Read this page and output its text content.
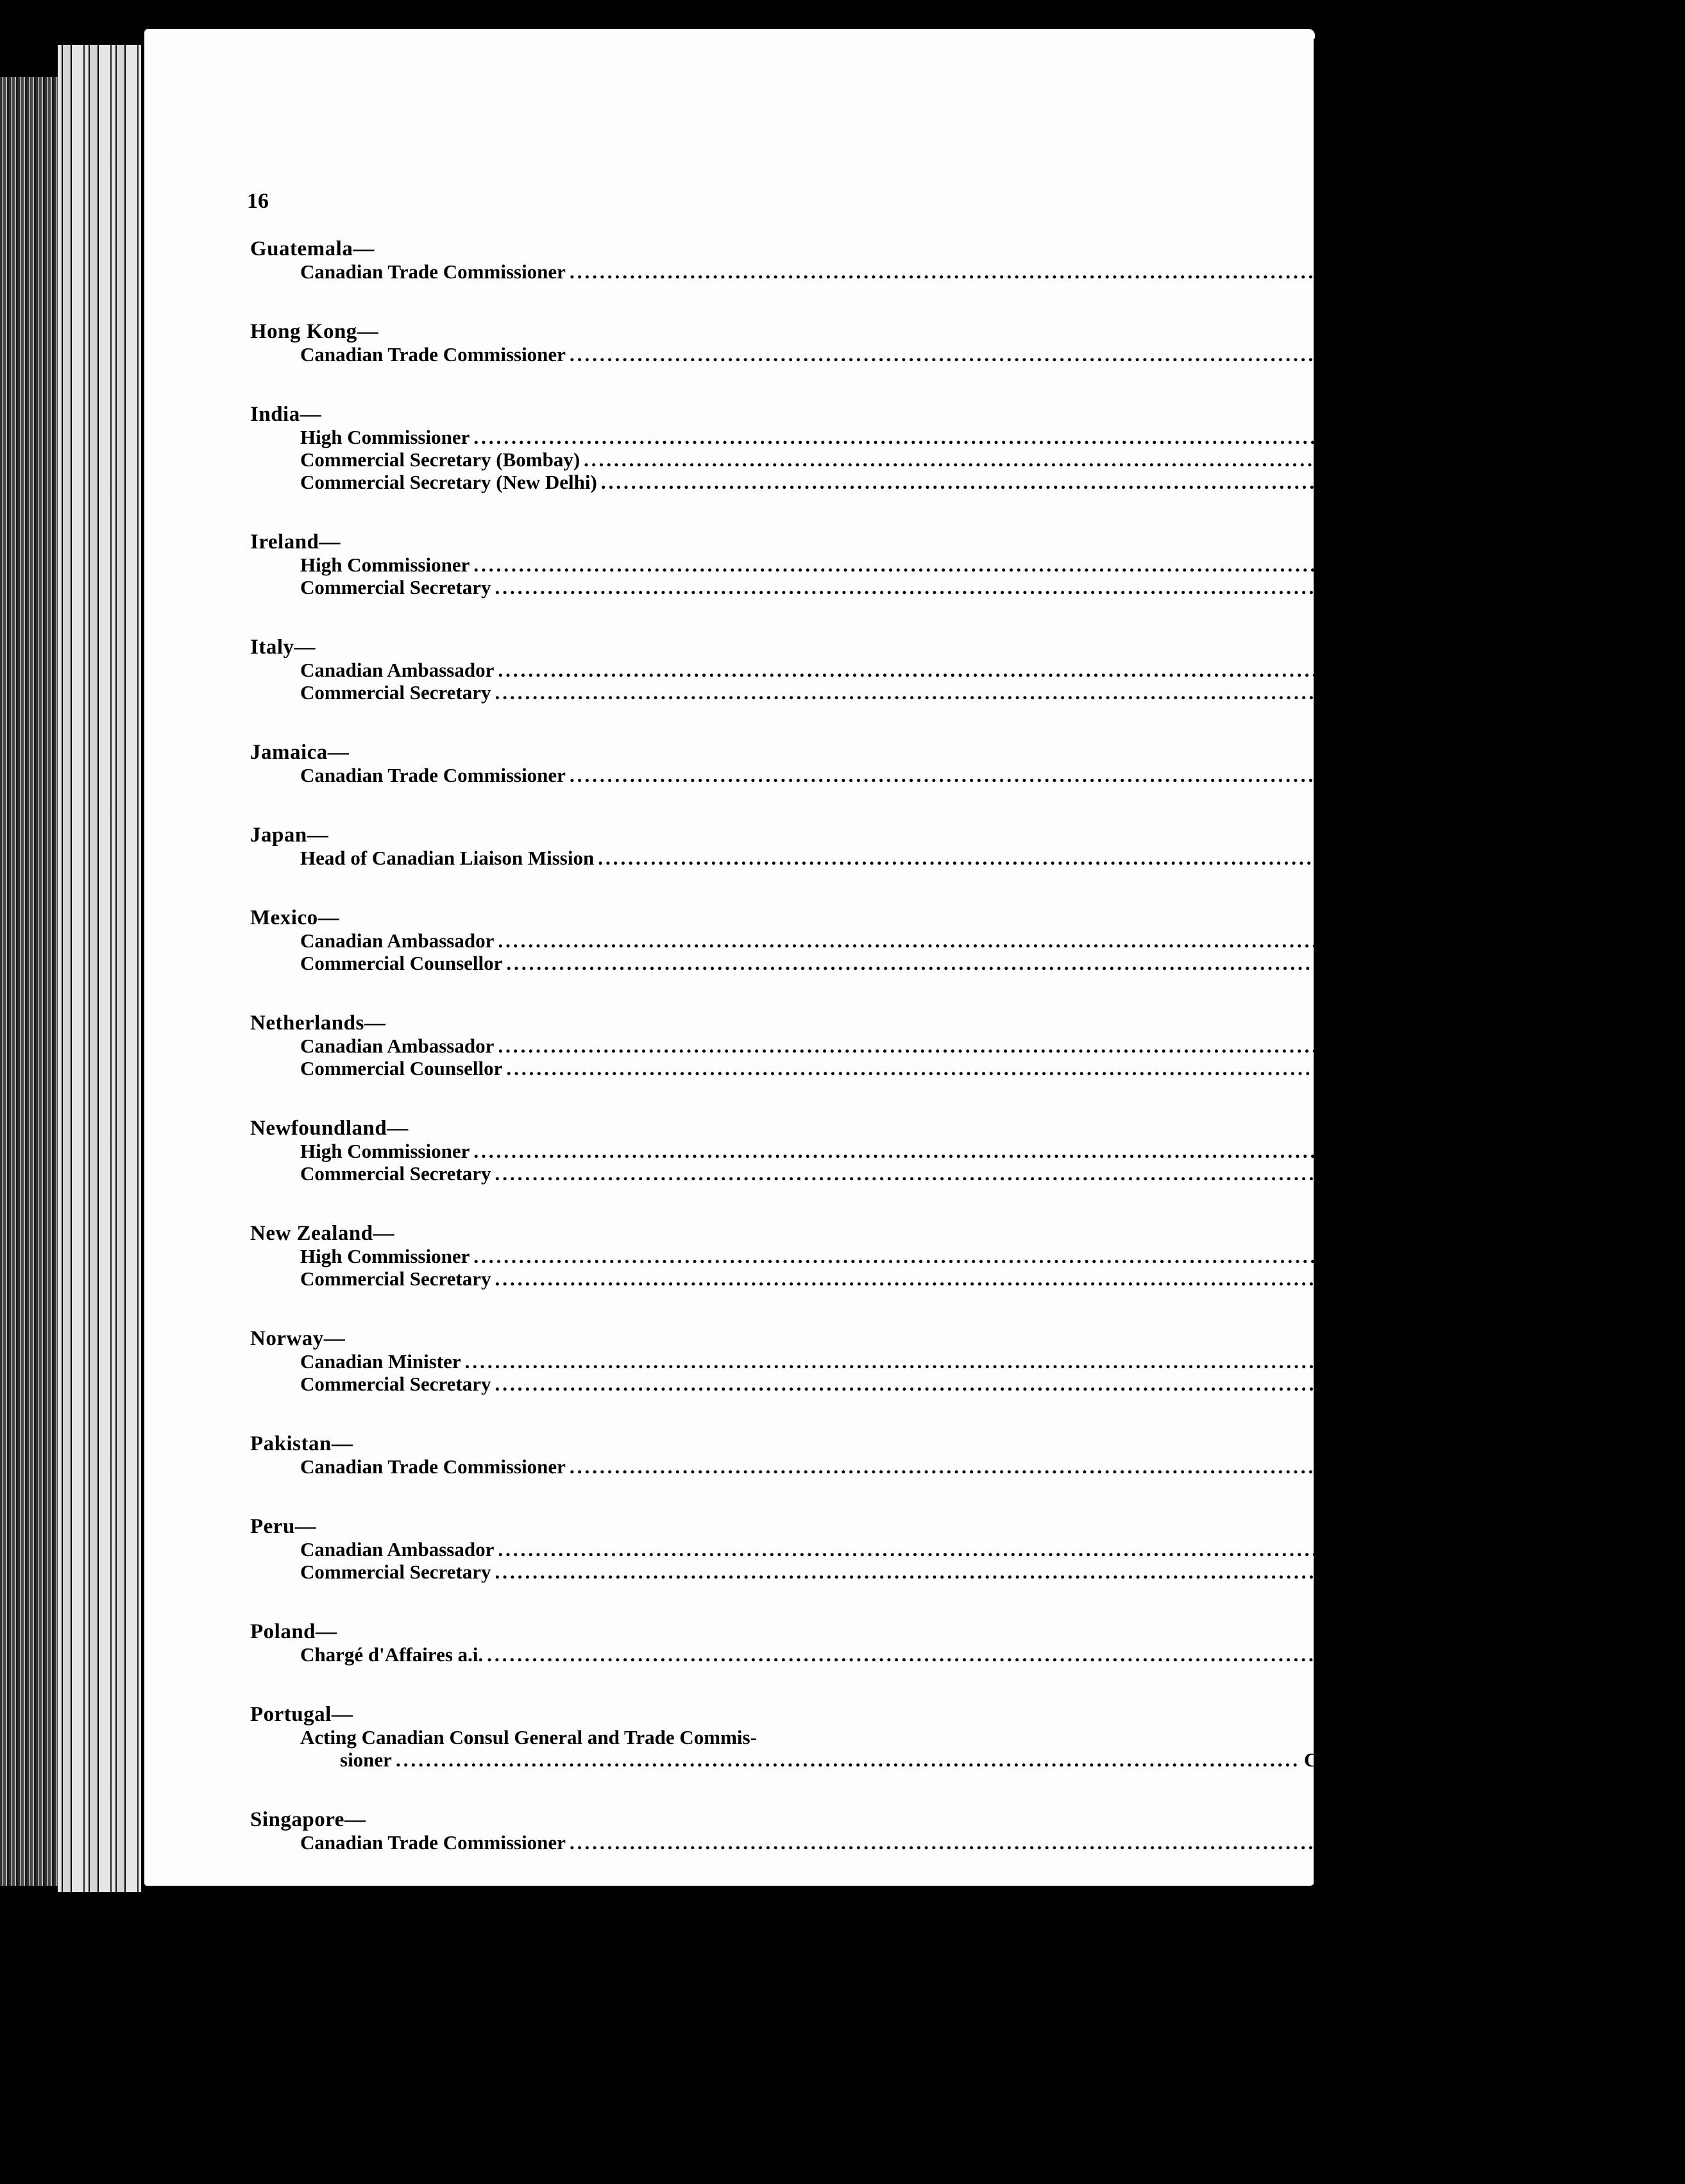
16
Guatemala—
Canadian Trade Commissioner ........................................................................................................................ Canadian Guatemala
Hong Kong—
Canadian Trade Commissioner ........................................................................................................................ Canadian Hong Kong
India—
High Commissioner ........................................................................................................................ Domcan New Delhi
Commercial Secretary (Bombay) ........................................................................................................................ Canadian Bombay
Commercial Secretary (New Delhi) ........................................................................................................................ Canadian New Delhi
Ireland—
High Commissioner ........................................................................................................................ Domcan Dublin
Commercial Secretary ........................................................................................................................ Canadian Dublin
Italy—
Canadian Ambassador ........................................................................................................................ Domcan Rome
Commercial Secretary ........................................................................................................................ Canadian Rome
Jamaica—
Canadian Trade Commissioner ........................................................................................................................ Canadian Kingston
Japan—
Head of Canadian Liaison Mission ........................................................................................................................ Domcan Tokyo
Mexico—
Canadian Ambassador ........................................................................................................................ Domcan Mexico City
Commercial Counsellor ........................................................................................................................ Canadian Mexico
Netherlands—
Canadian Ambassador ........................................................................................................................ Domcan The Hague
Commercial Counsellor ........................................................................................................................ Canadian The Hague
Newfoundland—
High Commissioner ........................................................................................................................ Domcan St. John's
Commercial Secretary ........................................................................................................................ Canadian St. John's
New Zealand—
High Commissioner ........................................................................................................................ Domcan Wellington
Commercial Secretary ........................................................................................................................ Canadian Wellington
Norway—
Canadian Minister ........................................................................................................................ Domcan Oslo
Commercial Secretary ........................................................................................................................ Canadian Oslo
Pakistan—
Canadian Trade Commissioner ........................................................................................................................ Canadian Karachi
Peru—
Canadian Ambassador ........................................................................................................................ Domcan Lima
Commercial Secretary ........................................................................................................................ Canadian Lima
Poland—
Chargé d'Affaires a.i. ........................................................................................................................ Domcan Warsaw
Portugal—
Acting Canadian Consul General and Trade Commis-
sioner ........................................................................................................................ Canadian Lisbon
Singapore—
Canadian Trade Commissioner ........................................................................................................................ Canadian Singapore
Sweden—
Chargé d'Affaires a.i. ........................................................................................................................ Domcan Stockholm
Commercial Counsellor ........................................................................................................................ Canadian Stockholm
Switzerland—
Canadian Minister ........................................................................................................................ Domcan Berne
Commercial Counsellor ........................................................................................................................ Canadian Berne
Trinidad—
Canadian Trade Commissioner ........................................................................................................................ Canadian Port of Spain
